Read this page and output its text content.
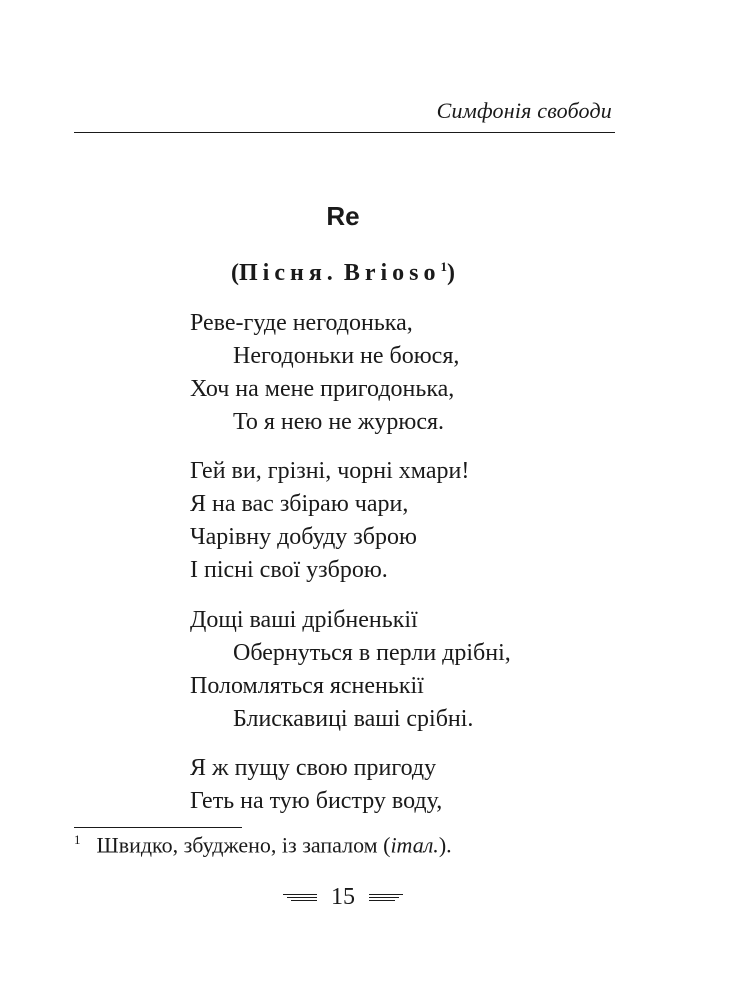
Симфонія свободи
Re
(Пісня. Brioso$^1$)
Реве-гуде негодонька,
Негодоньки не боюся,
Хоч на мене пригодонька,
То я нею не журюся.
Гей ви, грізні, чорні хмари!
Я на вас збіраю чари,
Чарівну добуду зброю
І пісні свої узброю.
Дощі ваші дрібненькії
Обернуться в перли дрібні,
Поломляться ясненькії
Блискавиці ваші срібні.
Я ж пущу свою пригоду
Геть на тую бистру воду,
$^1$ Швидко, збуджено, із запалом (італ.).
15
